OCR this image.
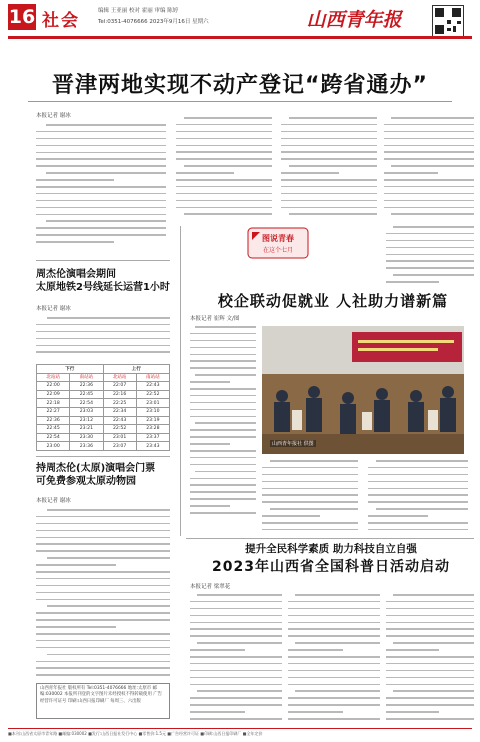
16 社会	编辑 王亚丽 校对 霍丽 审编 陈婷
Tel:0351-4076666 2023年9月16日 星期六	山西青年报
晋津两地实现不动产登记“跨省通办”
本报记者 谢冰
周杰伦演唱会期间
太原地铁2号线延长运营1小时
本报记者 谢冰
下行		上行	
北站站	南站站	北站站	南站站
22:00	22:36	22:07	22:43
22:09	22:45	22:16	22:52
22:18	22:54	22:25	23:01
22:27	23:03	22:34	23:10
22:36	23:12	22:43	23:19
22:45	23:21	22:52	23:28
22:54	23:30	23:01	23:37
23:00	23:36	23:07	23:43
持周杰伦(太原)演唱会门票
可免费参观太原动物园
本报记者 谢冰
山西青年报社 版权所有 Tel:0351-4076666 地址:太原市 邮编:030002 本报所刊登的文字图片未经授权不得转载使用 广告经营许可证号 印刷:山西日报印刷厂 每周三、六出版
图说青春
在这个七月
校企联动促就业 人社助力谱新篇
本报记者 崔辉 文/图
山西青年报社 供图
提升全民科学素质 助力科技自立自强
2023年山西省全国科普日活动启动
本报记者 梁翠花
■本刊:山西省太原市青年路 ■邮编:030002 ■发行:山西日报社发行中心 ■零售价:1.5元 ■广告经营许可证 ■印刷:山西日报印刷厂 ■全年定价
